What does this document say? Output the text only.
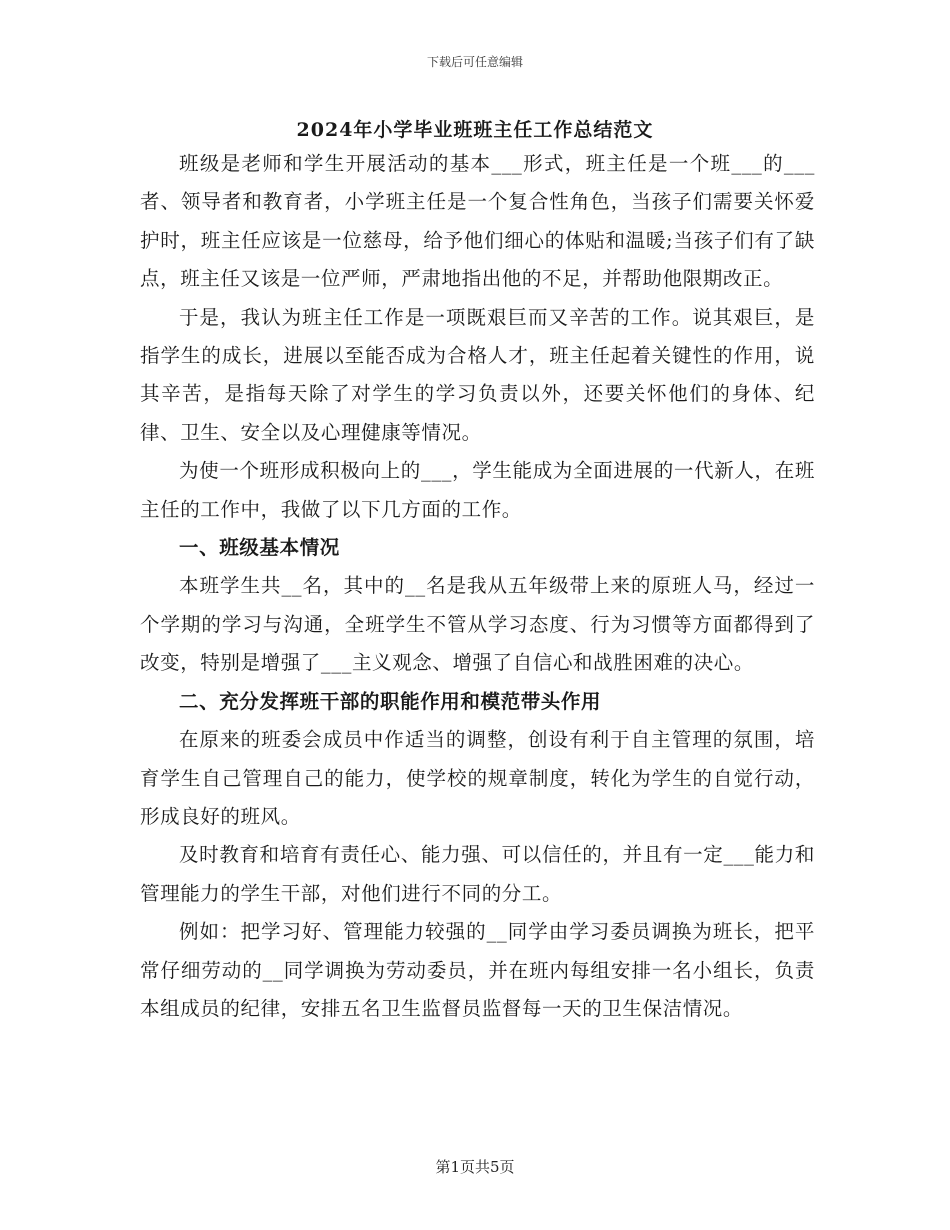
下载后可任意编辑
2024年小学毕业班班主任工作总结范文

班级是老师和学生开展活动的基本___形式，班主任是一个班___的___者、领导者和教育者，小学班主任是一个复合性角色，当孩子们需要关怀爱护时，班主任应该是一位慈母，给予他们细心的体贴和温暖;当孩子们有了缺点，班主任又该是一位严师，严肃地指出他的不足，并帮助他限期改正。

于是，我认为班主任工作是一项既艰巨而又辛苦的工作。说其艰巨，是指学生的成长，进展以至能否成为合格人才，班主任起着关键性的作用，说其辛苦，是指每天除了对学生的学习负责以外，还要关怀他们的身体、纪律、卫生、安全以及心理健康等情况。

为使一个班形成积极向上的___，学生能成为全面进展的一代新人，在班主任的工作中，我做了以下几方面的工作。

一、班级基本情况

本班学生共__名，其中的__名是我从五年级带上来的原班人马，经过一个学期的学习与沟通，全班学生不管从学习态度、行为习惯等方面都得到了改变，特别是增强了___主义观念、增强了自信心和战胜困难的决心。

二、充分发挥班干部的职能作用和模范带头作用

在原来的班委会成员中作适当的调整，创设有利于自主管理的氛围，培育学生自己管理自己的能力，使学校的规章制度，转化为学生的自觉行动，形成良好的班风。

及时教育和培育有责任心、能力强、可以信任的，并且有一定___能力和管理能力的学生干部，对他们进行不同的分工。

例如：把学习好、管理能力较强的__同学由学习委员调换为班长，把平常仔细劳动的__同学调换为劳动委员，并在班内每组安排一名小组长，负责本组成员的纪律，安排五名卫生监督员监督每一天的卫生保洁情况。

第1页共5页
